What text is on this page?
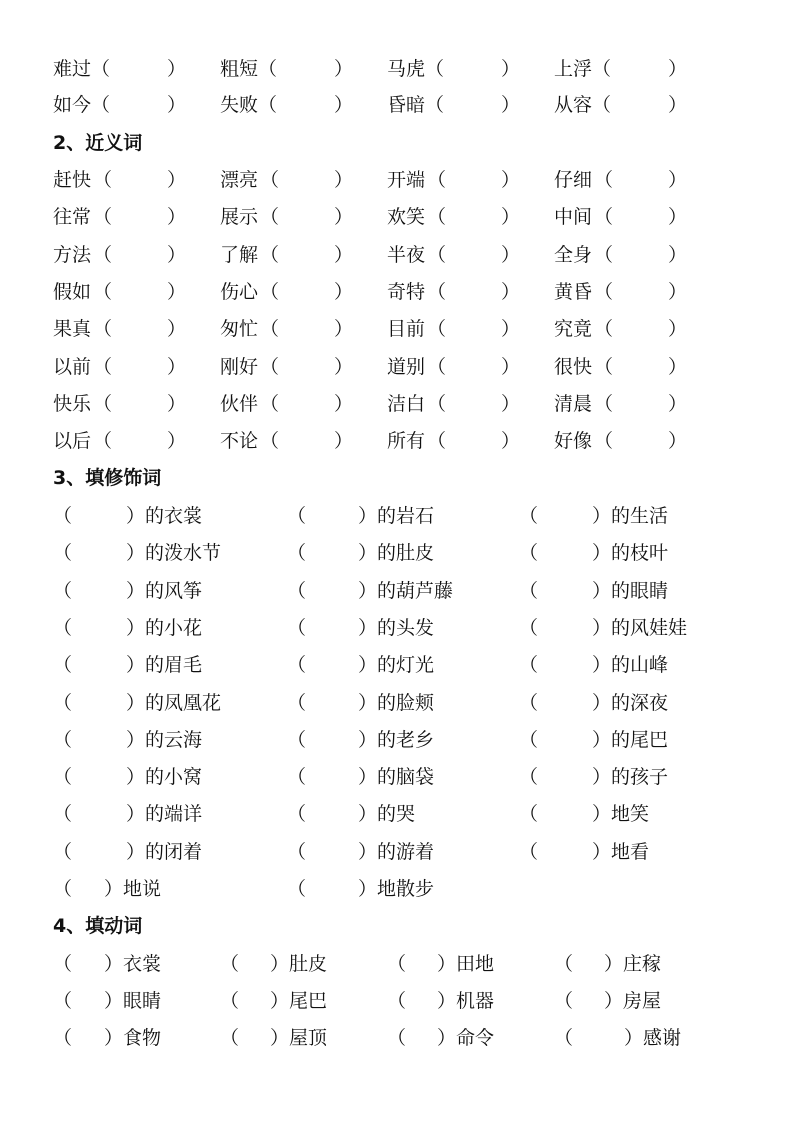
难过（	） 粗短（	） 马虎（	） 上浮（	）
如今（	） 失败（	） 昏暗（	） 从容（	）
2、近义词
赶快 （	） 漂亮 （	） 开端 （	） 仔细 （	）
往常 （	） 展示 （	） 欢笑 （	） 中间 （	）
方法 （	） 了解 （	） 半夜 （	） 全身 （	）
假如 （	） 伤心 （	） 奇特 （	） 黄昏 （	）
果真 （	） 匆忙 （	） 目前 （	） 究竟 （	）
以前 （	） 刚好 （	） 道别 （	） 很快 （	）
快乐 （	） 伙伴 （	） 洁白 （	） 清晨 （	）
以后 （	） 不论 （	） 所有 （	） 好像 （	）
3、填修饰词
（	）的衣裳	（	）的岩石	（	）的生活
（	）的泼水节	（	）的肚皮	（	）的枝叶
（	）的风筝	（	）的葫芦藤	（	）的眼睛
（	）的小花	（	）的头发	（	）的风娃娃
（	）的眉毛	（	）的灯光	（	）的山峰
（	）的凤凰花	（	）的脸颊	（	）的深夜
（	）的云海	（	）的老乡	（	）的尾巴
（	）的小窝	（	）的脑袋	（	）的孩子
（	）的端详	（	）的哭	（	）地笑
（	）的闭着	（	）的游着	（	）地看
（ ）地说	（	）地散步
4、填动词
（ ）衣裳	（ ）肚皮	（ ）田地	（ ）庄稼
（ ）眼睛	（ ）尾巴	（ ）机器	（ ）房屋
（ ）食物	（ ）屋顶	（ ）命令	（	）感谢
